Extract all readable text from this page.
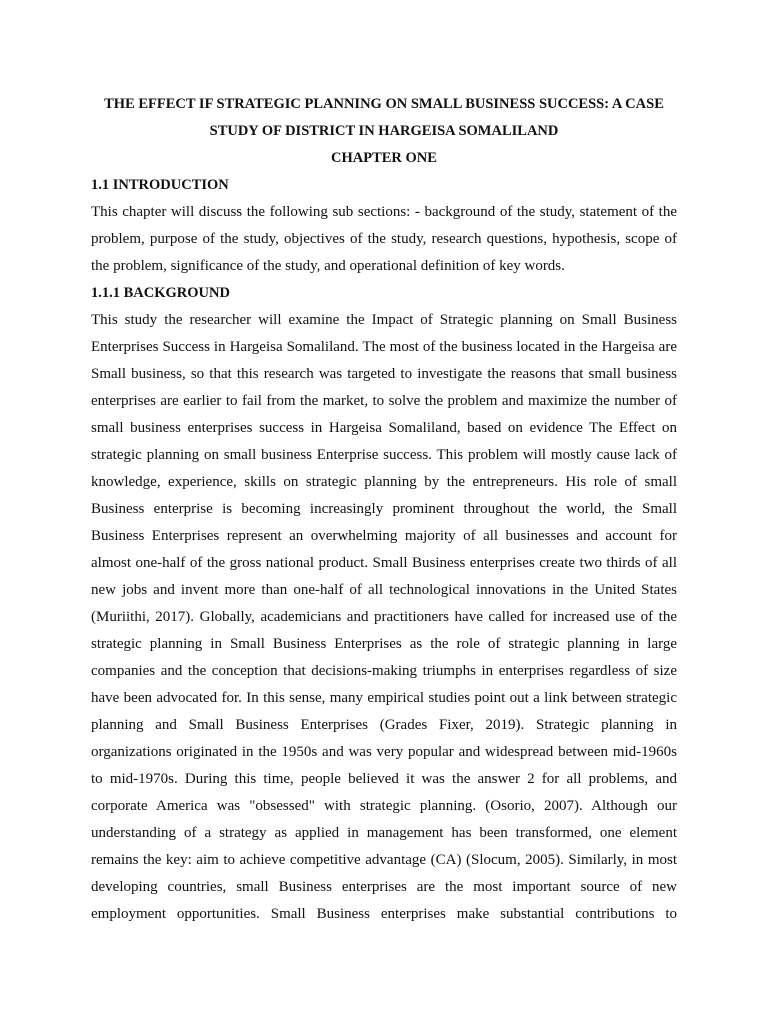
THE EFFECT IF STRATEGIC PLANNING ON SMALL BUSINESS SUCCESS: A CASE

STUDY OF DISTRICT IN HARGEISA SOMALILAND

CHAPTER ONE

1.1 INTRODUCTION

This chapter will discuss the following sub sections: - background of the study, statement of the
problem, purpose of the study, objectives of the study, research questions, hypothesis, scope of
the problem, significance of the study, and operational definition of key words.

1.1.1 BACKGROUND

This study the researcher will examine the Impact of Strategic planning on Small Business
Enterprises Success in Hargeisa Somaliland. The most of the business located in the Hargeisa are
Small business, so that this research was targeted to investigate the reasons that small business
enterprises are earlier to fail from the market, to solve the problem and maximize the number of
small business enterprises success in Hargeisa Somaliland, based on evidence The Effect on
strategic planning on small business Enterprise success. This problem will mostly cause lack of
knowledge, experience, skills on strategic planning by the entrepreneurs. His role of small
Business enterprise is becoming increasingly prominent throughout the world, the Small
Business Enterprises represent an overwhelming majority of all businesses and account for
almost one-half of the gross national product. Small Business enterprises create two thirds of all
new jobs and invent more than one-half of all technological innovations in the United States
(Muriithi, 2017). Globally, academicians and practitioners have called for increased use of the
strategic planning in Small Business Enterprises as the role of strategic planning in large
companies and the conception that decisions-making triumphs in enterprises regardless of size
have been advocated for. In this sense, many empirical studies point out a link between strategic
planning and Small Business Enterprises (Grades Fixer, 2019). Strategic planning in
organizations originated in the 1950s and was very popular and widespread between mid-1960s
to mid-1970s. During this time, people believed it was the answer 2 for all problems, and
corporate America was "obsessed" with strategic planning. (Osorio, 2007). Although our
understanding of a strategy as applied in management has been transformed, one element
remains the key: aim to achieve competitive advantage (CA) (Slocum, 2005). Similarly, in most
developing countries, small Business enterprises are the most important source of new
employment opportunities. Small Business enterprises make substantial contributions to
